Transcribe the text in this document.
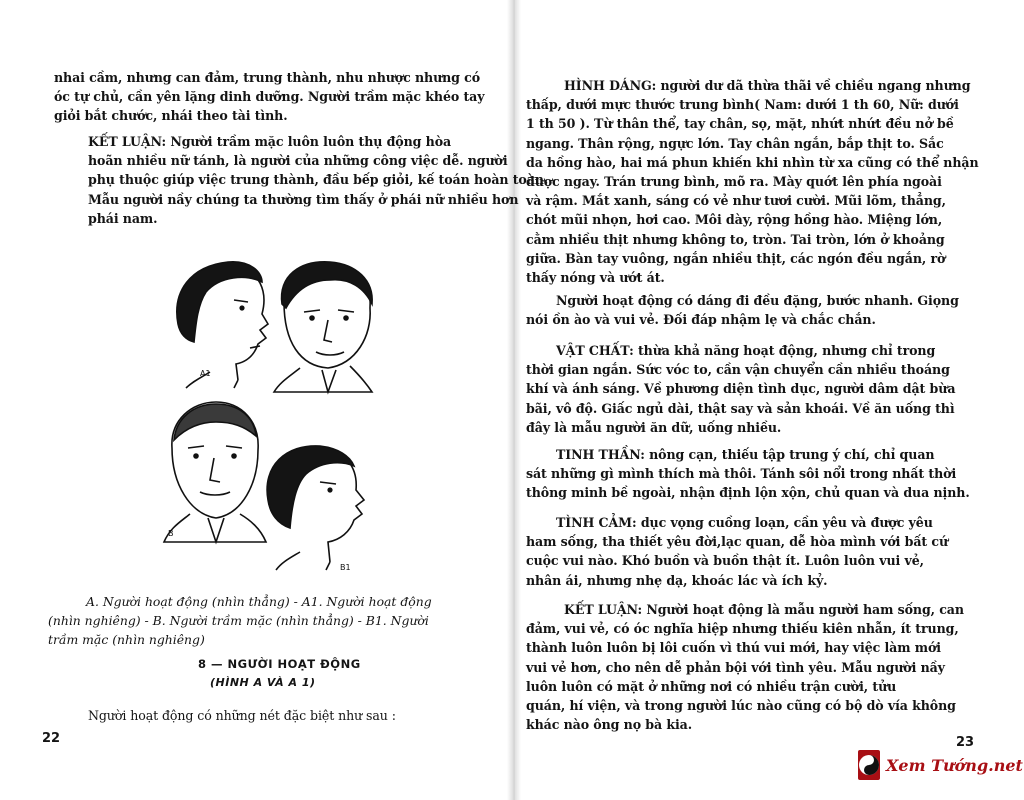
nhai cầm, nhưng can đảm, trung thành, nhu nhược nhưng có
óc tự chủ, cần yên lặng dinh dưỡng. Người trầm mặc khéo tay
giỏi bắt chước, nhái theo tài tình.
KẾT LUẬN: Người trầm mặc luôn luôn thụ động hòa
hoãn nhiều nữ tánh, là người của những công việc dễ. người
phụ thuộc giúp việc trung thành, đầu bếp giỏi, kế toán hoàn toàn.
Mẫu người nầy chúng ta thường tìm thấy ở phái nữ nhiều hơn
phái nam.
A1
B
B1
A. Người hoạt động (nhìn thẳng) - A1. Người hoạt động
(nhìn nghiêng) - B. Người trầm mặc (nhìn thẳng) - B1. Người
trầm mặc (nhìn nghiêng)
8 — NGƯỜI HOẠT ĐỘNG
(HÌNH A VÀ A 1)
Người hoạt động có những nét đặc biệt như sau :
22
HÌNH DÁNG: người dư dã thừa thãi về chiều ngang nhưng
thấp, dưới mực thước trung bình( Nam: dưới 1 th 60, Nữ: dưới
1 th 50 ). Từ thân thể, tay chân, sọ, mặt, nhứt nhứt đều nở bề
ngang. Thân rộng, ngực lớn. Tay chân ngắn, bắp thịt to. Sắc
da hồng hào, hai má phun khiến khi nhìn từ xa cũng có thể nhận
được ngay. Trán trung bình, mõ ra. Mày quớt lên phía ngoài
và rậm. Mắt xanh, sáng có vẻ như tươi cười. Mũi lõm, thẳng,
chót mũi nhọn, hơi cao. Môi dày, rộng hồng hào. Miệng lớn,
cằm nhiều thịt nhưng không to, tròn. Tai tròn, lớn ở khoảng
giữa. Bàn tay vuông, ngắn nhiều thịt, các ngón đều ngắn, rờ
thấy nóng và ướt át.
Người hoạt động có dáng đi đều đặng, bước nhanh. Giọng
nói ồn ào và vui vẻ. Đối đáp nhậm lẹ và chắc chắn.
VẬT CHẤT: thừa khả năng hoạt động, nhưng chỉ trong
thời gian ngắn. Sức vóc to, cần vận chuyển cần nhiều thoáng
khí và ánh sáng. Về phương diện tình dục, người dâm dật bừa
bãi, vô độ. Giấc ngủ dài, thật say và sản khoái. Về ăn uống thì
đây là mẫu người ăn dữ, uống nhiều.
TINH THẦN: nông cạn, thiếu tập trung ý chí, chỉ quan
sát những gì mình thích mà thôi. Tánh sôi nổi trong nhất thời
thông minh bề ngoài, nhận định lộn xộn, chủ quan và dua nịnh.
TÌNH CẢM: dục vọng cuồng loạn, cần yêu và được yêu
ham sống, tha thiết yêu đời,lạc quan, dễ hòa mình với bất cứ
cuộc vui nào. Khó buồn và buồn thật ít. Luôn luôn vui vẻ,
nhân ái, nhưng nhẹ dạ, khoác lác và ích kỷ.
KẾT LUẬN: Người hoạt động là mẫu người ham sống, can
đảm, vui vẻ, có óc nghĩa hiệp nhưng thiếu kiên nhẫn, ít trung,
thành luôn luôn bị lôi cuốn vì thú vui mới, hay việc làm mới
vui vẻ hơn, cho nên dễ phản bội với tình yêu. Mẫu người nầy
luôn luôn có mặt ở những nơi có nhiều trận cười, tửu
quán, hí viện, và trong người lúc nào cũng có bộ dò vía không
khác nào ông nọ bà kia.
23
Xem Tướng.net
